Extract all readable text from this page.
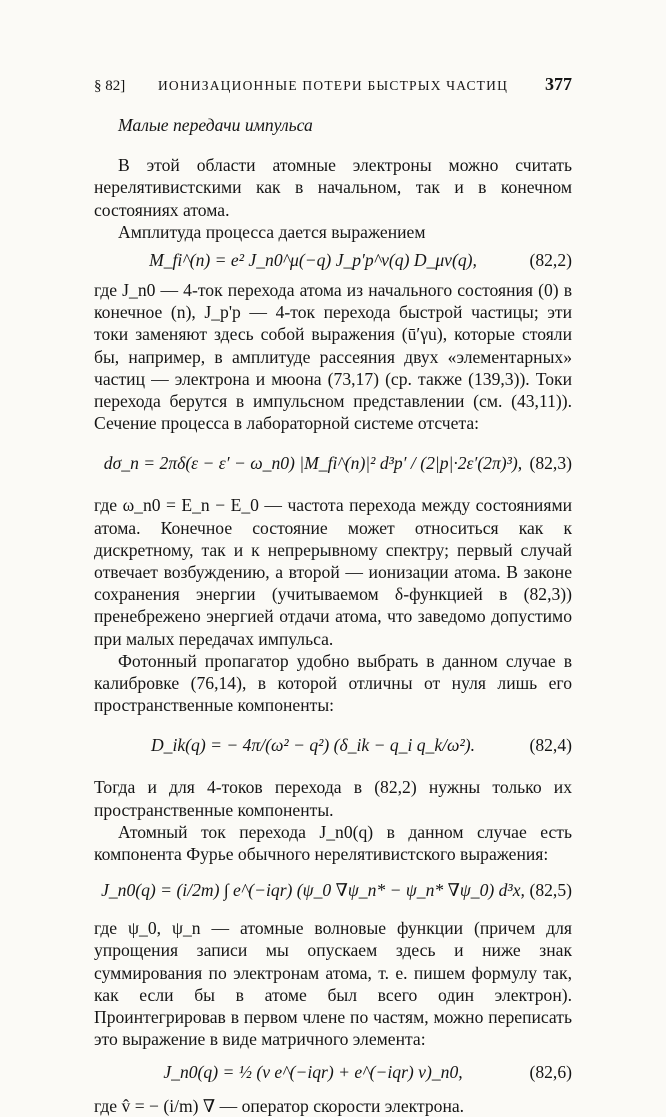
§ 82]	ИОНИЗАЦИОННЫЕ ПОТЕРИ БЫСТРЫХ ЧАСТИЦ	377

Малые передачи импульса

В этой области атомные электроны можно считать нерелятивистскими как в начальном, так и в конечном состояниях атома.

Амплитуда процесса дается выражением

M_fi^(n) = e² J_n0^μ(−q) J_p′p^ν(q) D_μν(q),	(82,2)

где J_n0 — 4-ток перехода атома из начального состояния (0) в конечное (n), J_p'p — 4-ток перехода быстрой частицы; эти токи заменяют здесь собой выражения (ū′γu), которые стояли бы, например, в амплитуде рассеяния двух «элементарных» частиц — электрона и мюона (73,17) (ср. также (139,3)). Токи перехода берутся в импульсном представлении (см. (43,11)). Сечение процесса в лабораторной системе отсчета:

dσ_n = 2πδ(ε − ε′ − ω_n0) |M_fi^(n)|² d³p′ / (2|p|·2ε′(2π)³), (82,3)

где ω_n0 = E_n − E_0 — частота перехода между состояниями атома. Конечное состояние может относиться как к дискретному, так и к непрерывному спектру; первый случай отвечает возбуждению, а второй — ионизации атома. В законе сохранения энергии (учитываемом δ-функцией в (82,3)) пренебрежено энергией отдачи атома, что заведомо допустимо при малых передачах импульса.

Фотонный пропагатор удобно выбрать в данном случае в калибровке (76,14), в которой отличны от нуля лишь его пространственные компоненты:

D_ik(q) = − 4π/(ω² − q²) (δ_ik − q_i q_k/ω²).	(82,4)

Тогда и для 4-токов перехода в (82,2) нужны только их пространственные компоненты.

Атомный ток перехода J_n0(q) в данном случае есть компонента Фурье обычного нерелятивистского выражения:

J_n0(q) = (i/2m) ∫ e^(−iqr) (ψ_0 ∇ψ_n* − ψ_n* ∇ψ_0) d³x, (82,5)

где ψ_0, ψ_n — атомные волновые функции (причем для упрощения записи мы опускаем здесь и ниже знак суммирования по электронам атома, т. е. пишем формулу так, как если бы в атоме был всего один электрон). Проинтегрировав в первом члене по частям, можно переписать это выражение в виде матричного элемента:

J_n0(q) = ½ (v e^(−iqr) + e^(−iqr) v)_n0,	(82,6)

где v̂ = − (i/m) ∇ — оператор скорости электрона.
